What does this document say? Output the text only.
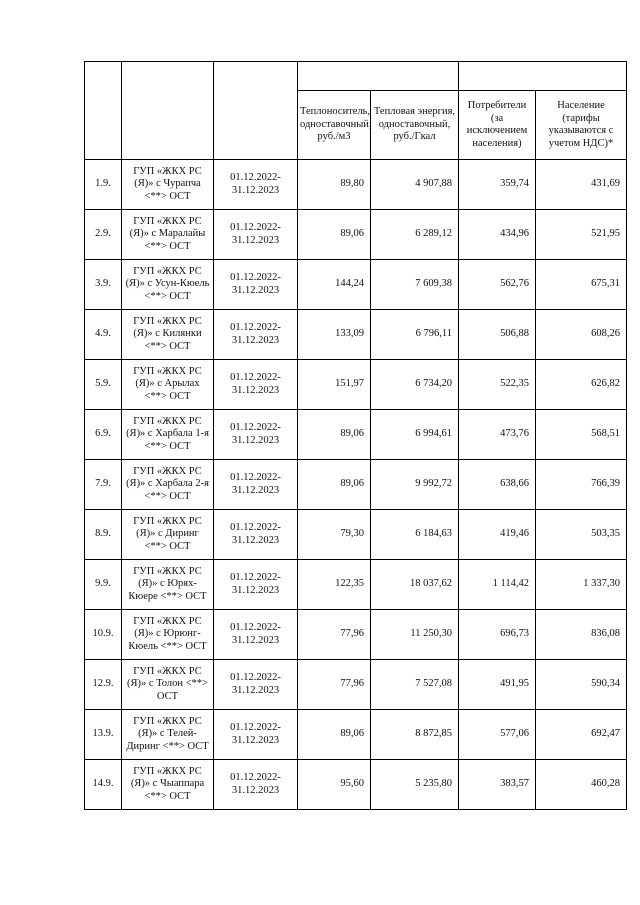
			Теплоноситель, одноставочный, руб./м3	Тепловая энергия, одноставочный, руб./Гкал	Потребители (за исключением населения)	Население (тарифы указываются с учетом НДС)*
1.9.	ГУП «ЖКХ РС (Я)» с Чурапча <**> ОСТ	01.12.2022-31.12.2023	89,80	4 907,88	359,74	431,69
2.9.	ГУП «ЖКХ РС (Я)» с Маралайы <**> ОСТ	01.12.2022-31.12.2023	89,06	6 289,12	434,96	521,95
3.9.	ГУП «ЖКХ РС (Я)» с Усун-Кюель <**> ОСТ	01.12.2022-31.12.2023	144,24	7 609,38	562,76	675,31
4.9.	ГУП «ЖКХ РС (Я)» с Килянки <**> ОСТ	01.12.2022-31.12.2023	133,09	6 796,11	506,88	608,26
5.9.	ГУП «ЖКХ РС (Я)» с Арылах <**> ОСТ	01.12.2022-31.12.2023	151,97	6 734,20	522,35	626,82
6.9.	ГУП «ЖКХ РС (Я)» с Харбала 1-я <**> ОСТ	01.12.2022-31.12.2023	89,06	6 994,61	473,76	568,51
7.9.	ГУП «ЖКХ РС (Я)» с Харбала 2-я <**> ОСТ	01.12.2022-31.12.2023	89,06	9 992,72	638,66	766,39
8.9.	ГУП «ЖКХ РС (Я)» с Диринг <**> ОСТ	01.12.2022-31.12.2023	79,30	6 184,63	419,46	503,35
9.9.	ГУП «ЖКХ РС (Я)» с Юрях-Кюере <**> ОСТ	01.12.2022-31.12.2023	122,35	18 037,62	1 114,42	1 337,30
10.9.	ГУП «ЖКХ РС (Я)» с Юрюнг-Кюель <**> ОСТ	01.12.2022-31.12.2023	77,96	11 250,30	696,73	836,08
12.9.	ГУП «ЖКХ РС (Я)» с Толон <**> ОСТ	01.12.2022-31.12.2023	77,96	7 527,08	491,95	590,34
13.9.	ГУП «ЖКХ РС (Я)» с Телей-Диринг <**> ОСТ	01.12.2022-31.12.2023	89,06	8 872,85	577,06	692,47
14.9.	ГУП «ЖКХ РС (Я)» с Чыаппара <**> ОСТ	01.12.2022-31.12.2023	95,60	5 235,80	383,57	460,28
